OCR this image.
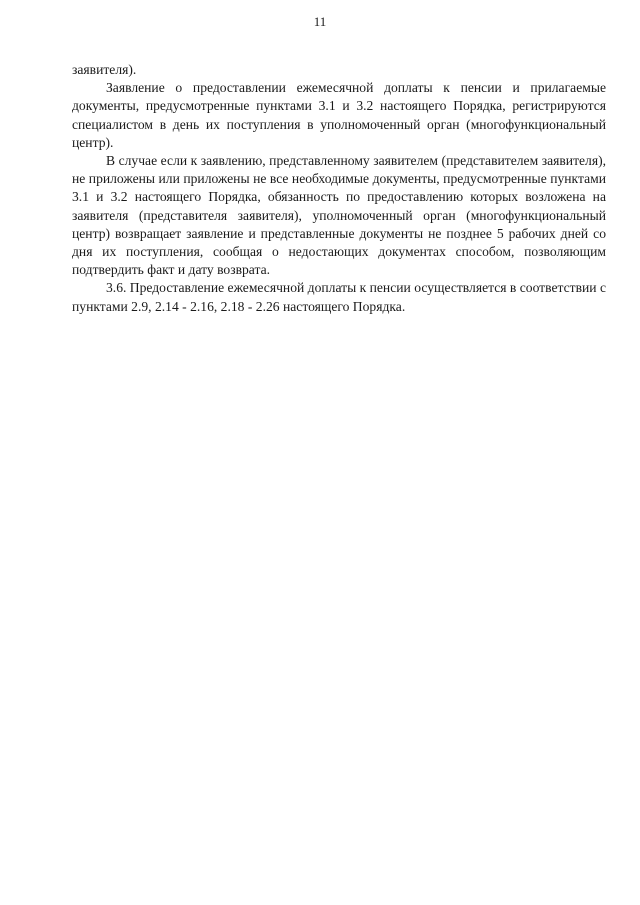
11

заявителя).

Заявление о предоставлении ежемесячной доплаты к пенсии и прилагаемые документы, предусмотренные пунктами 3.1 и 3.2 настоящего Порядка, регистрируются специалистом в день их поступления в уполномоченный орган (многофункциональный центр).

В случае если к заявлению, представленному заявителем (представителем заявителя), не приложены или приложены не все необходимые документы, предусмотренные пунктами 3.1 и 3.2 настоящего Порядка, обязанность по предоставлению которых возложена на заявителя (представителя заявителя), уполномоченный орган (многофункциональный центр) возвращает заявление и представленные документы не позднее 5 рабочих дней со дня их поступления, сообщая о недостающих документах способом, позволяющим подтвердить факт и дату возврата.

3.6. Предоставление ежемесячной доплаты к пенсии осуществляется в соответствии с пунктами 2.9, 2.14 - 2.16, 2.18 - 2.26 настоящего Порядка.
